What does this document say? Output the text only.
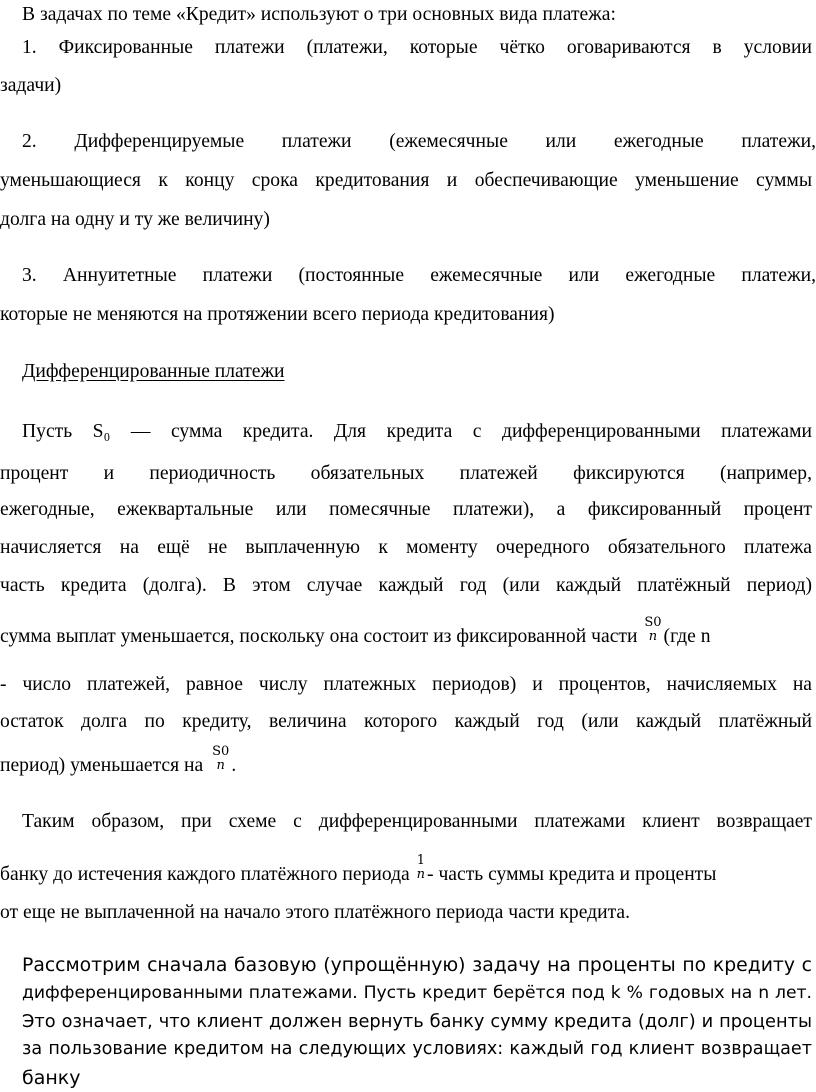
В задачах по теме «Кредит» используют о три основных вида платежа:
1. Фиксированные платежи (платежи, которые чётко оговариваются в условии
задачи)
2. Дифференцируемые платежи (ежемесячные или ежегодные платежи,
уменьшающиеся к концу срока кредитования и обеспечивающие уменьшение суммы
долга на одну и ту же величину)
3. Аннуитетные платежи (постоянные ежемесячные или ежегодные платежи,
которые не меняются на протяжении всего периода кредитования)
Дифференцированные платежи
Пусть S₀ — сумма кредита. Для кредита с дифференцированными платежами
процент и периодичность обязательных платежей фиксируются (например,
ежегодные, ежеквартальные или помесячные платежи), а фиксированный процент
начисляется на ещё не выплаченную к моменту очередного обязательного платежа
часть кредита (долга). В этом случае каждый год (или каждый платёжный период)
сумма выплат уменьшается, поскольку она состоит из фиксированной части
S0
n (где n
- число платежей, равное числу платежных периодов) и процентов, начисляемых на
остаток долга по кредиту, величина которого каждый год (или каждый платёжный
период) уменьшается на
S0
n .
Таким образом, при схеме с дифференцированными платежами клиент возвращает
банку до истечения каждого платёжного периода
1
n - часть суммы кредита и проценты
от еще не выплаченной на начало этого платёжного периода части кредита.
Рассмотрим сначала базовую (упрощённую) задачу на проценты по кредиту с
дифференцированными платежами. Пусть кредит берётся под k % годовых на n лет.
Это означает, что клиент должен вернуть банку сумму кредита (долг) и проценты
за пользование кредитом на следующих условиях: каждый год клиент возвращает
банку
